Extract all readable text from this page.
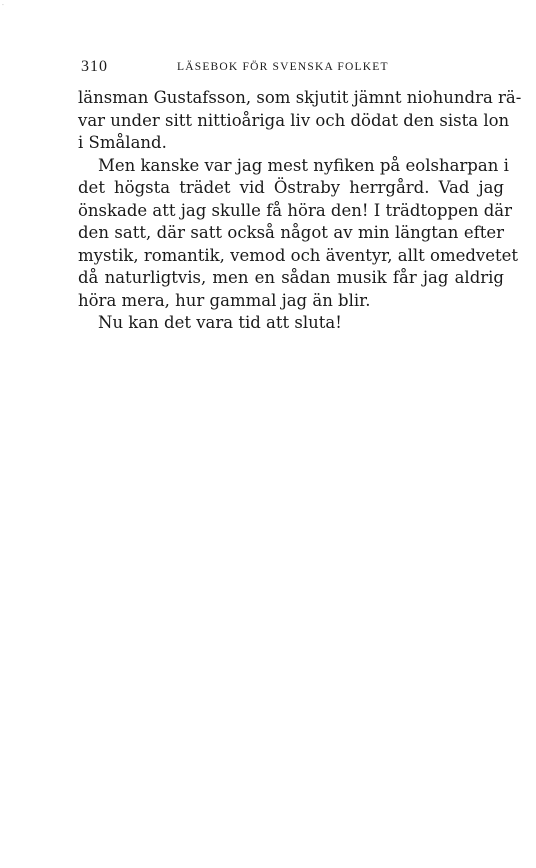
⸱
310	LÄSEBOK FÖR SVENSKA FOLKET
länsman Gustafsson, som skjutit jämnt niohundra rä-
var under sitt nittioåriga liv och dödat den sista lon
i Småland.
Men kanske var jag mest nyfiken på eolsharpan i
det högsta trädet vid Östraby herrgård. Vad jag
önskade att jag skulle få höra den! I trädtoppen där
den satt, där satt också något av min längtan efter
mystik, romantik, vemod och äventyr, allt omedvetet
då naturligtvis, men en sådan musik får jag aldrig
höra mera, hur gammal jag än blir.
Nu kan det vara tid att sluta!
